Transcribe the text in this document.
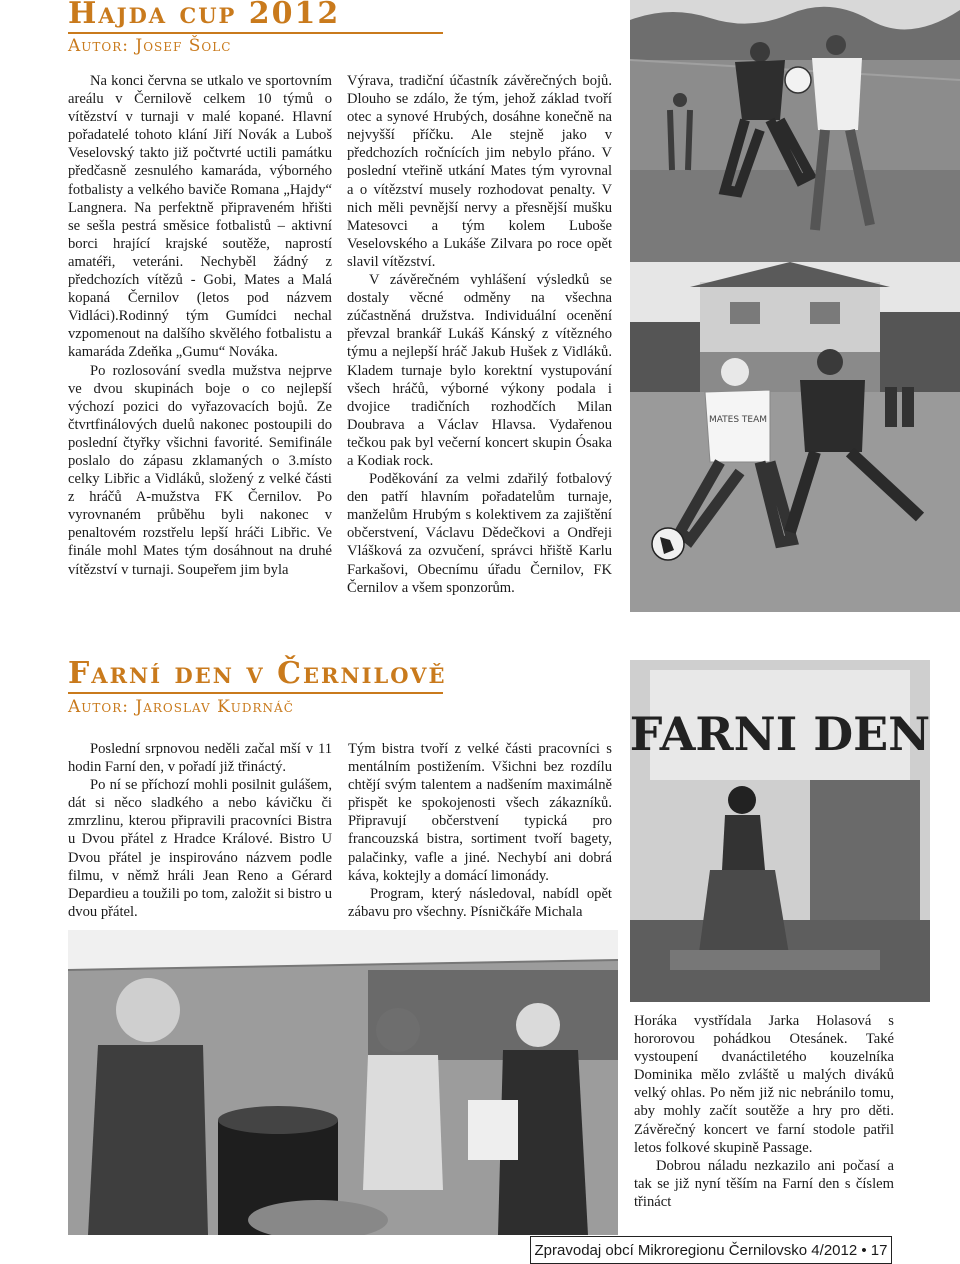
Hajda cup 2012
Autor: Josef Šolc

Na konci června se utkalo ve sportovním areálu v Černilově celkem 10 týmů o vítězství v turnaji v malé kopané. Hlavní pořadatelé tohoto klání Jiří Novák a Luboš Veselovský takto již počtvrté uctili památku předčasně zesnulého kamaráda, výborného fotbalisty a velkého baviče Romana „Hajdy“ Langnera. Na perfektně připraveném hřišti se sešla pestrá směsice fotbalistů – aktivní borci hrající krajské soutěže, naprostí amatéři, veteráni. Nechyběl žádný z předchozích vítězů - Gobi, Mates a Malá kopaná Černilov (letos pod názvem Vidláci).Rodinný tým Gumídci nechal vzpomenout na dalšího skvělého fotbalistu a kamaráda Zdeňka „Gumu“ Nováka.

Po rozlosování svedla mužstva nejprve ve dvou skupinách boje o co nejlepší výchozí pozici do vyřazovacích bojů. Ze čtvrtfinálových duelů nakonec postoupili do poslední čtyřky všichni favorité. Semifinále poslalo do zápasu zklamaných o 3.místo celky Libřic a Vidláků, složený z velké části z hráčů A-mužstva FK Černilov. Po vyrovnaném průběhu byli nakonec v penaltovém rozstřelu lepší hráči Libřic. Ve finále mohl Mates tým dosáhnout na druhé vítězství v turnaji. Soupeřem jim byla

Výrava, tradiční účastník závěrečných bojů. Dlouho se zdálo, že tým, jehož základ tvoří otec a synové Hrubých, dosáhne konečně na nejvyšší příčku. Ale stejně jako v předchozích ročnících jim nebylo přáno. V poslední vteřině utkání Mates tým vyrovnal a o vítězství musely rozhodovat penalty. V nich měli pevnější nervy a přesnější mušku Matesovci a tým kolem Luboše Veselovského a Lukáše Zilvara po roce opět slavil vítězství.

V závěrečném vyhlášení výsledků se dostaly věcné odměny na všechna zúčastněná družstva. Individuální ocenění převzal brankář Lukáš Kánský z vítězného týmu a nejlepší hráč Jakub Hušek z Vidláků. Kladem turnaje bylo korektní vystupování všech hráčů, výborné výkony podala i dvojice tradičních rozhodčích Milan Doubrava a Václav Hlavsa. Vydařenou tečkou pak byl večerní koncert skupin Ósaka a Kodiak rock.

Poděkování za velmi zdařilý fotbalový den patří hlavním pořadatelům turnaje, manželům Hrubým s kolektivem za zajištění občerstvení, Václavu Dědečkovi a Ondřeji Vlášková za ozvučení, správci hřiště Karlu Farkašovi, Obecnímu úřadu Černilov, FK Černilov a všem sponzorům.

MATES TEAM
Farní den v Černilově
Autor: Jaroslav Kudrnáč

Poslední srpnovou neděli začal mší v 11 hodin Farní den, v pořadí již třináctý.

Po ní se příchozí mohli posilnit gulášem, dát si něco sladkého a nebo kávičku či zmrzlinu, kterou připravili pracovníci Bistra u Dvou přátel z Hradce Králové. Bistro U Dvou přátel je inspirováno názvem podle filmu, v němž hráli Jean Reno a Gérard Depardieu a toužili po tom, založit si bistro u dvou přátel.

Tým bistra tvoří z velké části pracovníci s mentálním postižením. Všichni bez rozdílu chtějí svým talentem a nadšením maximálně přispět ke spokojenosti všech zákazníků. Připravují občerstvení typická pro francouzská bistra, sortiment tvoří bagety, palačinky, vafle a jiné. Nechybí ani dobrá káva, koktejly a domácí limonády.

Program, který následoval, nabídl opět zábavu pro všechny. Písničkáře Michala

FARNI DEN

Horáka vystřídala Jarka Holasová s hororovou pohádkou Otesánek. Také vystoupení dvanáctiletého kouzelníka Dominika mělo zvláště u malých diváků velký ohlas. Po něm již nic nebránilo tomu, aby mohly začít soutěže a hry pro děti. Závěrečný koncert ve farní stodole patřil letos folkové skupině Passage.

Dobrou náladu nezkazilo ani počasí a tak se již nyní těším na Farní den s číslem třináct

Zpravodaj obcí Mikroregionu Černilovsko 4/2012 • 17
